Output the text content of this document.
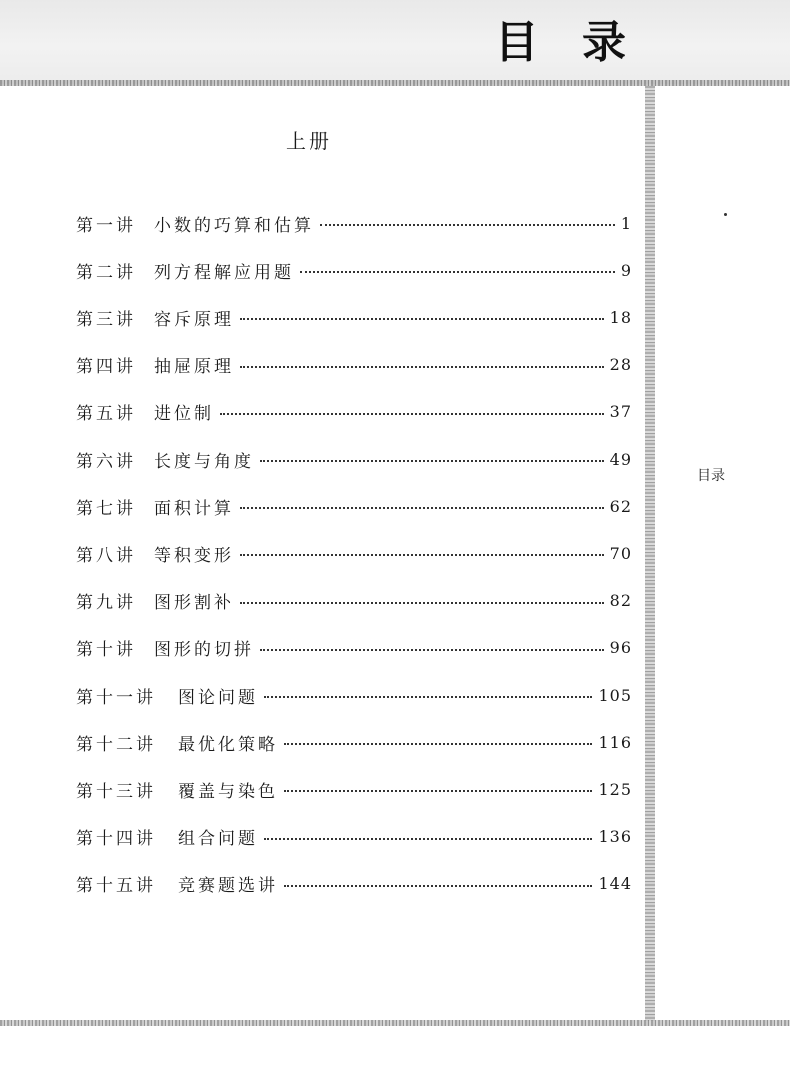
目 录
上册
第一讲 小数的巧算和估算	1
第二讲 列方程解应用题	9
第三讲 容斥原理	18
第四讲 抽屉原理	28
第五讲 进位制	37
第六讲 长度与角度	49
第七讲 面积计算	62
第八讲 等积变形	70
第九讲 图形割补	82
第十讲 图形的切拼	96
第十一讲 图论问题	105
第十二讲 最优化策略	116
第十三讲 覆盖与染色	125
第十四讲 组合问题	136
第十五讲 竞赛题选讲	144
目录
